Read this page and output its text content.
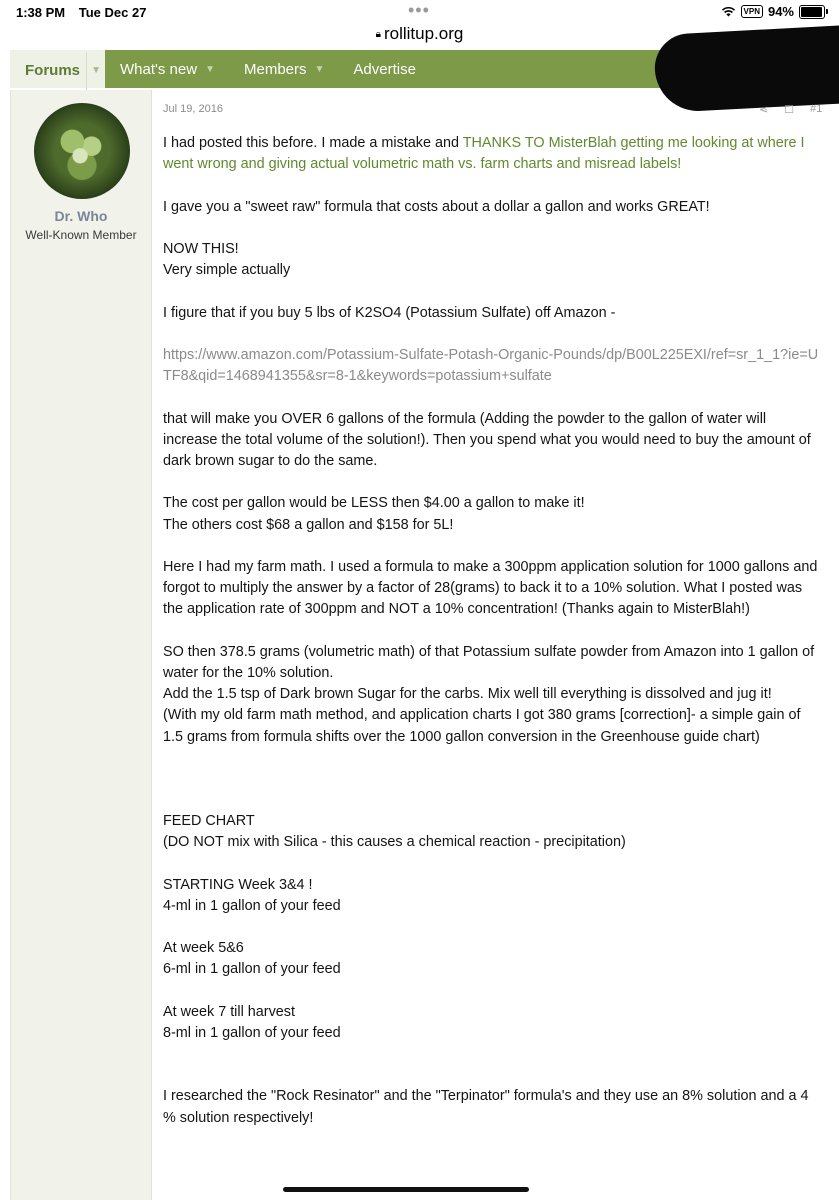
1:38 PM Tue Dec 27	•••	VPN 94%
🔒︎ rollitup.org
Forums	▼ What's new ▼ Members ▼ Advertise
Dr. Who
Well-Known Member
Jul 19, 2016	⋖ ☐ #1

I had posted this before. I made a mistake and THANKS TO MisterBlah getting me looking at where I went wrong and giving actual volumetric math vs. farm charts and misread labels!

I gave you a "sweet raw" formula that costs about a dollar a gallon and works GREAT!

NOW THIS!
Very simple actually

I figure that if you buy 5 lbs of K2SO4 (Potassium Sulfate) off Amazon -

https://www.amazon.com/Potassium-Sulfate-Potash-Organic-Pounds/dp/B00L225EXI/ref=sr_1_1?ie=UTF8&qid=1468941355&sr=8-1&keywords=potassium+sulfate

that will make you OVER 6 gallons of the formula (Adding the powder to the gallon of water will increase the total volume of the solution!). Then you spend what you would need to buy the amount of dark brown sugar to do the same.

The cost per gallon would be LESS then $4.00 a gallon to make it!
The others cost $68 a gallon and $158 for 5L!

Here I had my farm math. I used a formula to make a 300ppm application solution for 1000 gallons and forgot to multiply the answer by a factor of 28(grams) to back it to a 10% solution. What I posted was the application rate of 300ppm and NOT a 10% concentration! (Thanks again to MisterBlah!)

SO then 378.5 grams (volumetric math) of that Potassium sulfate powder from Amazon into 1 gallon of water for the 10% solution.
Add the 1.5 tsp of Dark brown Sugar for the carbs. Mix well till everything is dissolved and jug it!
(With my old farm math method, and application charts I got 380 grams [correction]- a simple gain of 1.5 grams from formula shifts over the 1000 gallon conversion in the Greenhouse guide chart)

FEED CHART
(DO NOT mix with Silica - this causes a chemical reaction - precipitation)

STARTING Week 3&4 !
4-ml in 1 gallon of your feed

At week 5&6
6-ml in 1 gallon of your feed

At week 7 till harvest
8-ml in 1 gallon of your feed

I researched the "Rock Resinator" and the "Terpinator" formula's and they use an 8% solution and a 4 % solution respectively!
